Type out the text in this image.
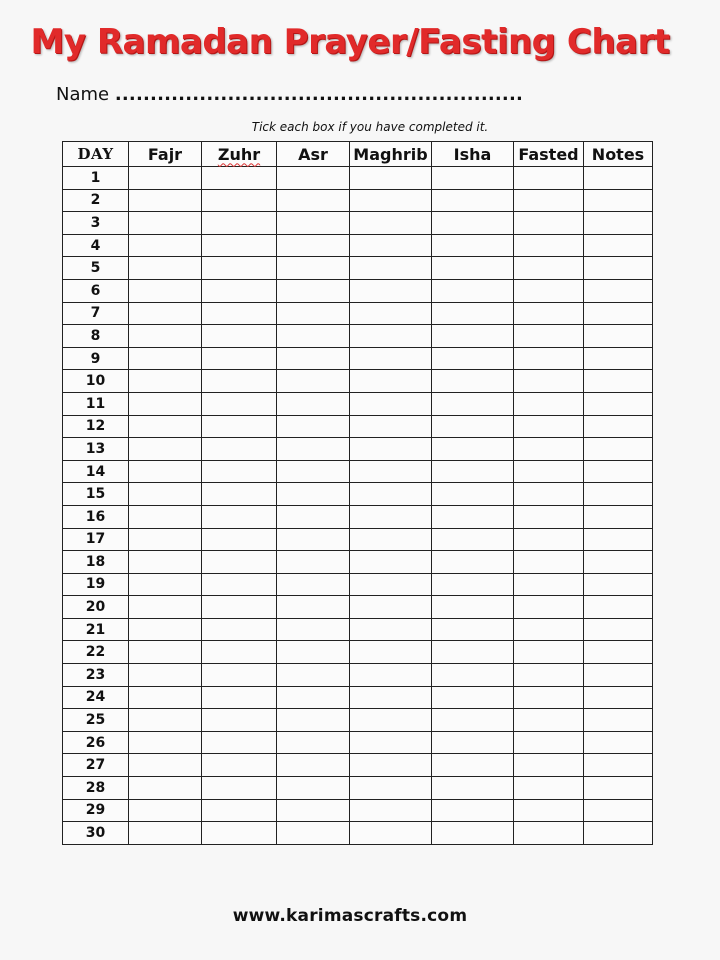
My Ramadan Prayer/Fasting Chart
Name ..........................................................
Tick each box if you have completed it.
DAY	Fajr	Zuhr	Asr	Maghrib	Isha	Fasted	Notes
1							
2							
3							
4							
5							
6							
7							
8							
9							
10							
11							
12							
13							
14							
15							
16							
17							
18							
19							
20							
21							
22							
23							
24							
25							
26							
27							
28							
29							
30							
www.karimascrafts.com
